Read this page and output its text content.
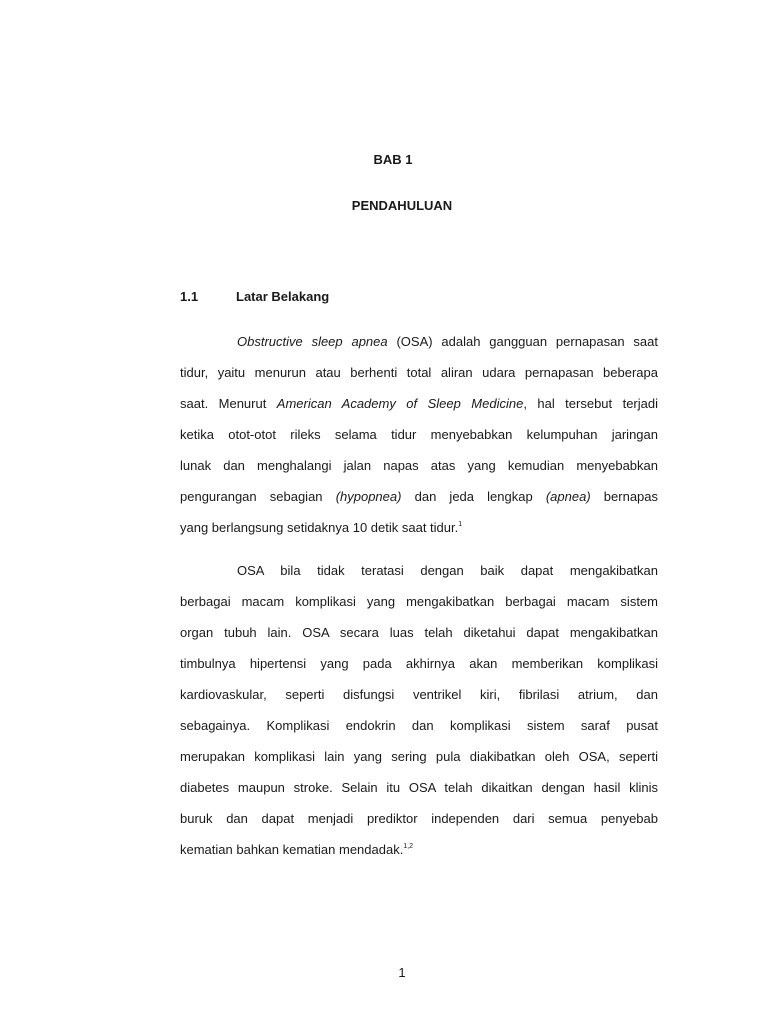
BAB 1
PENDAHULUAN
1.1	Latar Belakang
Obstructive sleep apnea (OSA) adalah gangguan pernapasan saat
tidur, yaitu menurun atau berhenti total aliran udara pernapasan beberapa
saat. Menurut American Academy of Sleep Medicine, hal tersebut terjadi
ketika otot-otot rileks selama tidur menyebabkan kelumpuhan jaringan
lunak dan menghalangi jalan napas atas yang kemudian menyebabkan
pengurangan sebagian (hypopnea) dan jeda lengkap (apnea) bernapas
yang berlangsung setidaknya 10 detik saat tidur.$^1$
OSA bila tidak teratasi dengan baik dapat mengakibatkan
berbagai macam komplikasi yang mengakibatkan berbagai macam sistem
organ tubuh lain. OSA secara luas telah diketahui dapat mengakibatkan
timbulnya hipertensi yang pada akhirnya akan memberikan komplikasi
kardiovaskular, seperti disfungsi ventrikel kiri, fibrilasi atrium, dan
sebagainya. Komplikasi endokrin dan komplikasi sistem saraf pusat
merupakan komplikasi lain yang sering pula diakibatkan oleh OSA, seperti
diabetes maupun stroke. Selain itu OSA telah dikaitkan dengan hasil klinis
buruk dan dapat menjadi prediktor independen dari semua penyebab
kematian bahkan kematian mendadak.$^{1,2}$
1
